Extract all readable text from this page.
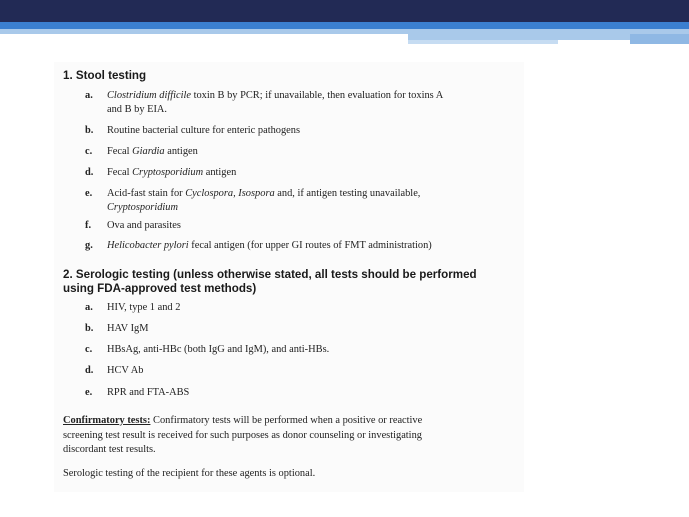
1. Stool testing
a. Clostridium difficile toxin B by PCR; if unavailable, then evaluation for toxins A
and B by EIA.
b. Routine bacterial culture for enteric pathogens
c. Fecal Giardia antigen
d. Fecal Cryptosporidium antigen
e. Acid-fast stain for Cyclospora, Isospora and, if antigen testing unavailable,
Cryptosporidium
f. Ova and parasites
g. Helicobacter pylori fecal antigen (for upper GI routes of FMT administration)
2. Serologic testing (unless otherwise stated, all tests should be performed
using FDA-approved test methods)
a. HIV, type 1 and 2
b. HAV IgM
c. HBsAg, anti-HBc (both IgG and IgM), and anti-HBs.
d. HCV Ab
e. RPR and FTA-ABS
Confirmatory tests: Confirmatory tests will be performed when a positive or reactive
screening test result is received for such purposes as donor counseling or investigating
discordant test results.
Serologic testing of the recipient for these agents is optional.
